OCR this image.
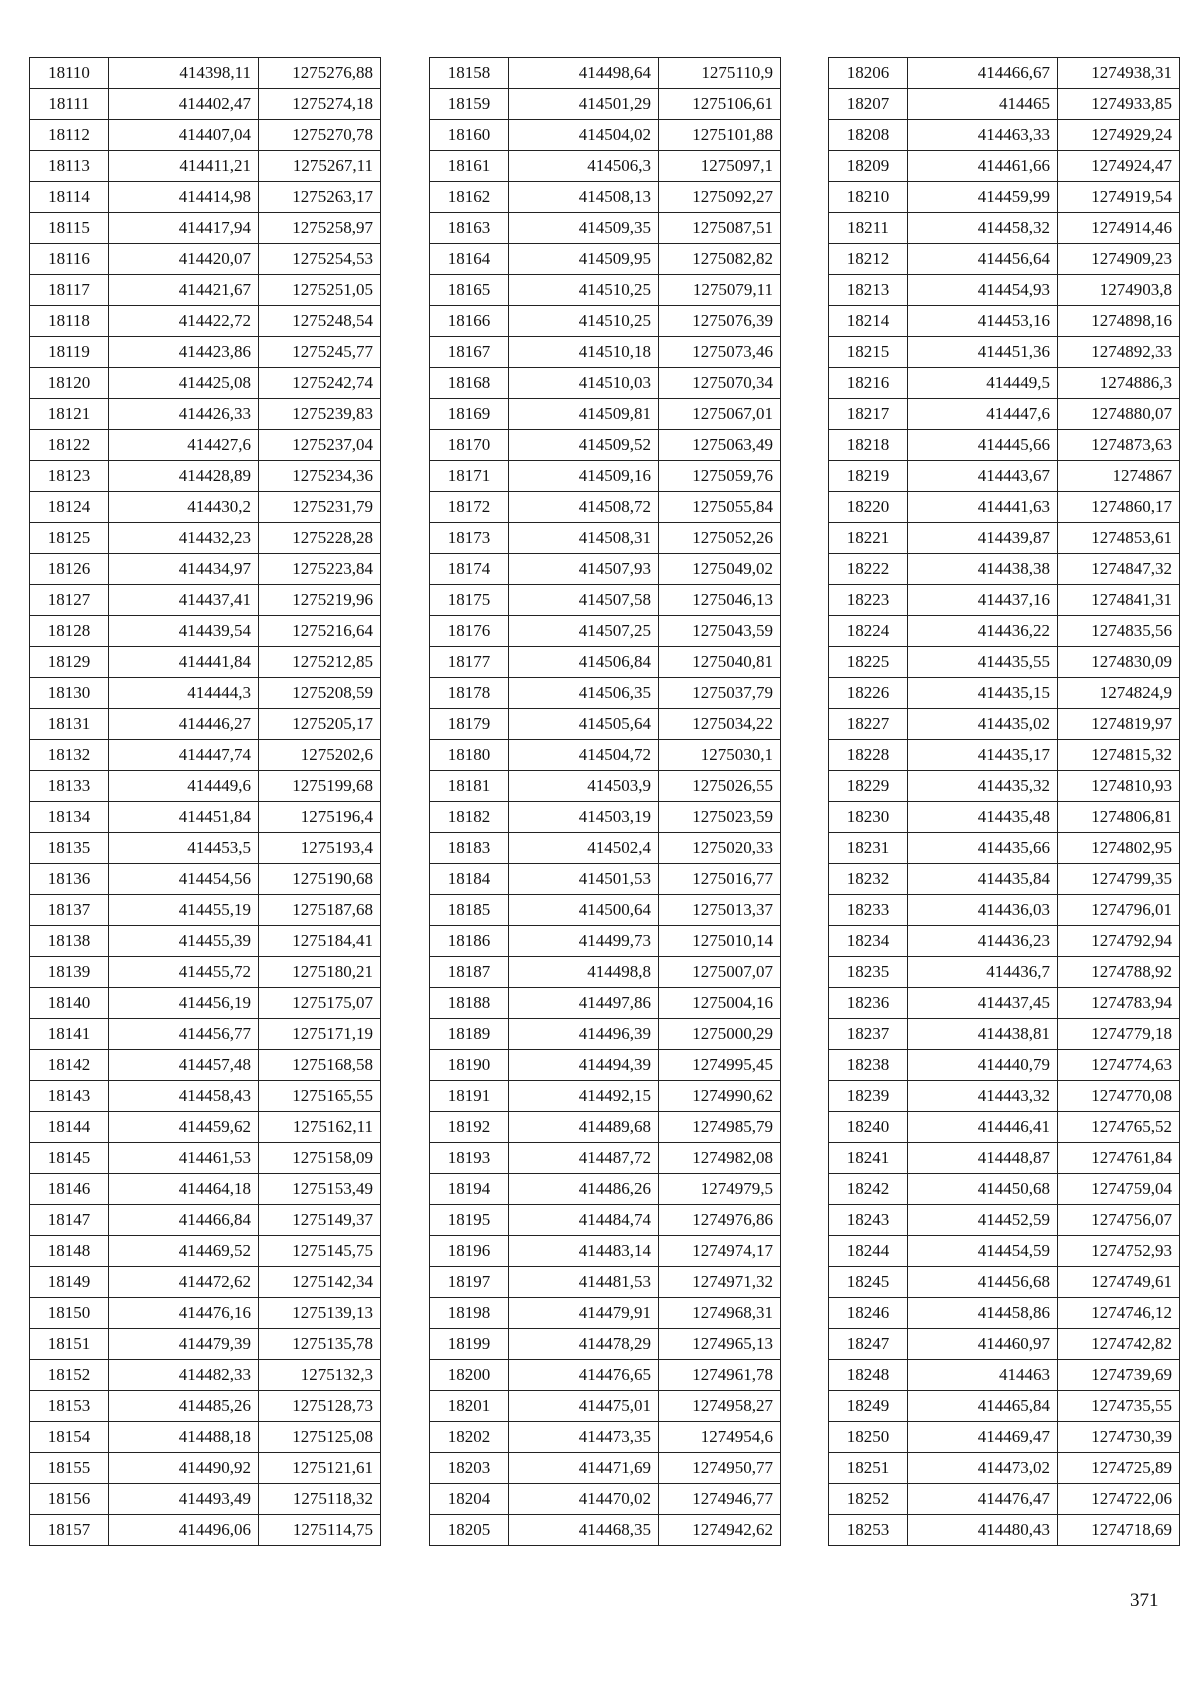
18110	414398,11	1275276,88
18111	414402,47	1275274,18
18112	414407,04	1275270,78
18113	414411,21	1275267,11
18114	414414,98	1275263,17
18115	414417,94	1275258,97
18116	414420,07	1275254,53
18117	414421,67	1275251,05
18118	414422,72	1275248,54
18119	414423,86	1275245,77
18120	414425,08	1275242,74
18121	414426,33	1275239,83
18122	414427,6	1275237,04
18123	414428,89	1275234,36
18124	414430,2	1275231,79
18125	414432,23	1275228,28
18126	414434,97	1275223,84
18127	414437,41	1275219,96
18128	414439,54	1275216,64
18129	414441,84	1275212,85
18130	414444,3	1275208,59
18131	414446,27	1275205,17
18132	414447,74	1275202,6
18133	414449,6	1275199,68
18134	414451,84	1275196,4
18135	414453,5	1275193,4
18136	414454,56	1275190,68
18137	414455,19	1275187,68
18138	414455,39	1275184,41
18139	414455,72	1275180,21
18140	414456,19	1275175,07
18141	414456,77	1275171,19
18142	414457,48	1275168,58
18143	414458,43	1275165,55
18144	414459,62	1275162,11
18145	414461,53	1275158,09
18146	414464,18	1275153,49
18147	414466,84	1275149,37
18148	414469,52	1275145,75
18149	414472,62	1275142,34
18150	414476,16	1275139,13
18151	414479,39	1275135,78
18152	414482,33	1275132,3
18153	414485,26	1275128,73
18154	414488,18	1275125,08
18155	414490,92	1275121,61
18156	414493,49	1275118,32
18157	414496,06	1275114,75
18158	414498,64	1275110,9
18159	414501,29	1275106,61
18160	414504,02	1275101,88
18161	414506,3	1275097,1
18162	414508,13	1275092,27
18163	414509,35	1275087,51
18164	414509,95	1275082,82
18165	414510,25	1275079,11
18166	414510,25	1275076,39
18167	414510,18	1275073,46
18168	414510,03	1275070,34
18169	414509,81	1275067,01
18170	414509,52	1275063,49
18171	414509,16	1275059,76
18172	414508,72	1275055,84
18173	414508,31	1275052,26
18174	414507,93	1275049,02
18175	414507,58	1275046,13
18176	414507,25	1275043,59
18177	414506,84	1275040,81
18178	414506,35	1275037,79
18179	414505,64	1275034,22
18180	414504,72	1275030,1
18181	414503,9	1275026,55
18182	414503,19	1275023,59
18183	414502,4	1275020,33
18184	414501,53	1275016,77
18185	414500,64	1275013,37
18186	414499,73	1275010,14
18187	414498,8	1275007,07
18188	414497,86	1275004,16
18189	414496,39	1275000,29
18190	414494,39	1274995,45
18191	414492,15	1274990,62
18192	414489,68	1274985,79
18193	414487,72	1274982,08
18194	414486,26	1274979,5
18195	414484,74	1274976,86
18196	414483,14	1274974,17
18197	414481,53	1274971,32
18198	414479,91	1274968,31
18199	414478,29	1274965,13
18200	414476,65	1274961,78
18201	414475,01	1274958,27
18202	414473,35	1274954,6
18203	414471,69	1274950,77
18204	414470,02	1274946,77
18205	414468,35	1274942,62
18206	414466,67	1274938,31
18207	414465	1274933,85
18208	414463,33	1274929,24
18209	414461,66	1274924,47
18210	414459,99	1274919,54
18211	414458,32	1274914,46
18212	414456,64	1274909,23
18213	414454,93	1274903,8
18214	414453,16	1274898,16
18215	414451,36	1274892,33
18216	414449,5	1274886,3
18217	414447,6	1274880,07
18218	414445,66	1274873,63
18219	414443,67	1274867
18220	414441,63	1274860,17
18221	414439,87	1274853,61
18222	414438,38	1274847,32
18223	414437,16	1274841,31
18224	414436,22	1274835,56
18225	414435,55	1274830,09
18226	414435,15	1274824,9
18227	414435,02	1274819,97
18228	414435,17	1274815,32
18229	414435,32	1274810,93
18230	414435,48	1274806,81
18231	414435,66	1274802,95
18232	414435,84	1274799,35
18233	414436,03	1274796,01
18234	414436,23	1274792,94
18235	414436,7	1274788,92
18236	414437,45	1274783,94
18237	414438,81	1274779,18
18238	414440,79	1274774,63
18239	414443,32	1274770,08
18240	414446,41	1274765,52
18241	414448,87	1274761,84
18242	414450,68	1274759,04
18243	414452,59	1274756,07
18244	414454,59	1274752,93
18245	414456,68	1274749,61
18246	414458,86	1274746,12
18247	414460,97	1274742,82
18248	414463	1274739,69
18249	414465,84	1274735,55
18250	414469,47	1274730,39
18251	414473,02	1274725,89
18252	414476,47	1274722,06
18253	414480,43	1274718,69
371
